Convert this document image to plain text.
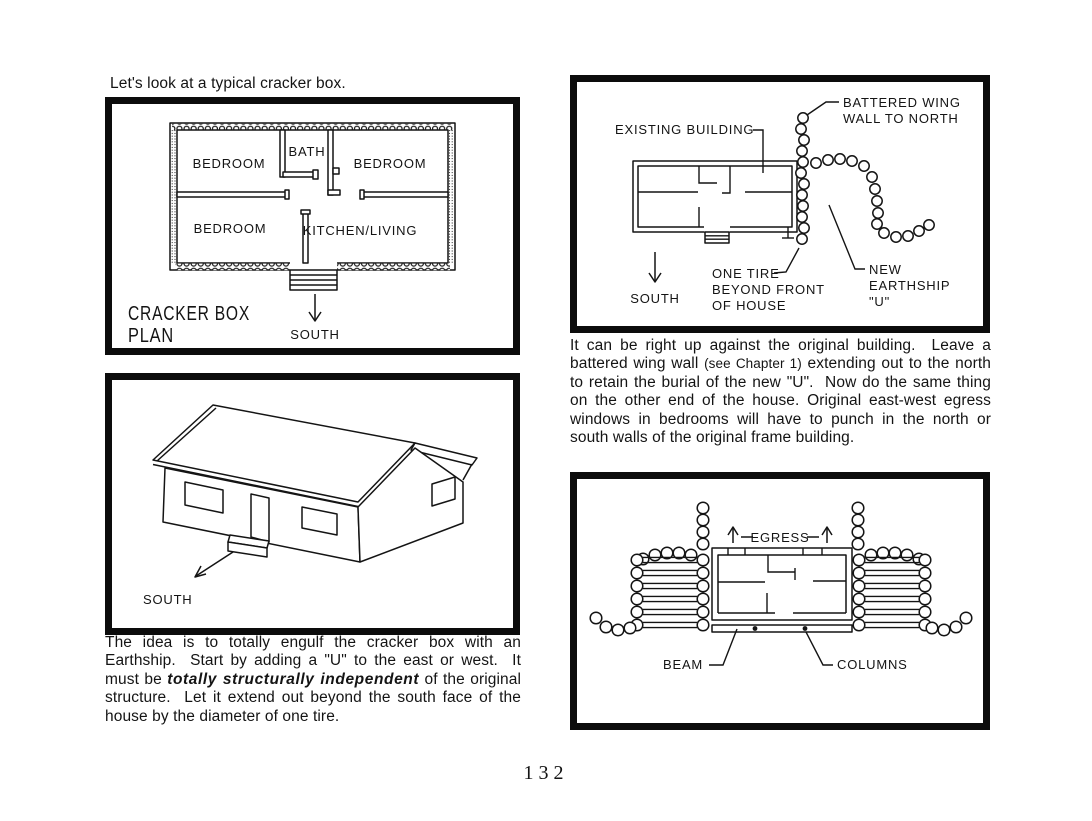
Let's look at a typical cracker box.
BEDROOM
BATH
BEDROOM
BEDROOM	KITCHEN/LIVING
CRACKER BOX
PLAN	SOUTH
SOUTH
The idea is to totally engulf the cracker box with an Earthship.  Start by adding a "U" to the east or west.  It must be totally structurally independent of the original structure.  Let it extend out beyond the south face of the house by the diameter of one tire.
EXISTING BUILDING
BATTERED WING
WALL TO NORTH
SOUTH
ONE TIRE
BEYOND FRONT
OF HOUSE
NEW
EARTHSHIP
"U"
It can be right up against the original building.  Leave a battered wing wall (see Chapter 1) extending out to the north to retain the burial of the new "U".  Now do the same thing on the other end of the house. Original east-west egress windows in bedrooms will have to punch in the north or south walls of the original frame building.
EGRESS
BEAM	COLUMNS
132
